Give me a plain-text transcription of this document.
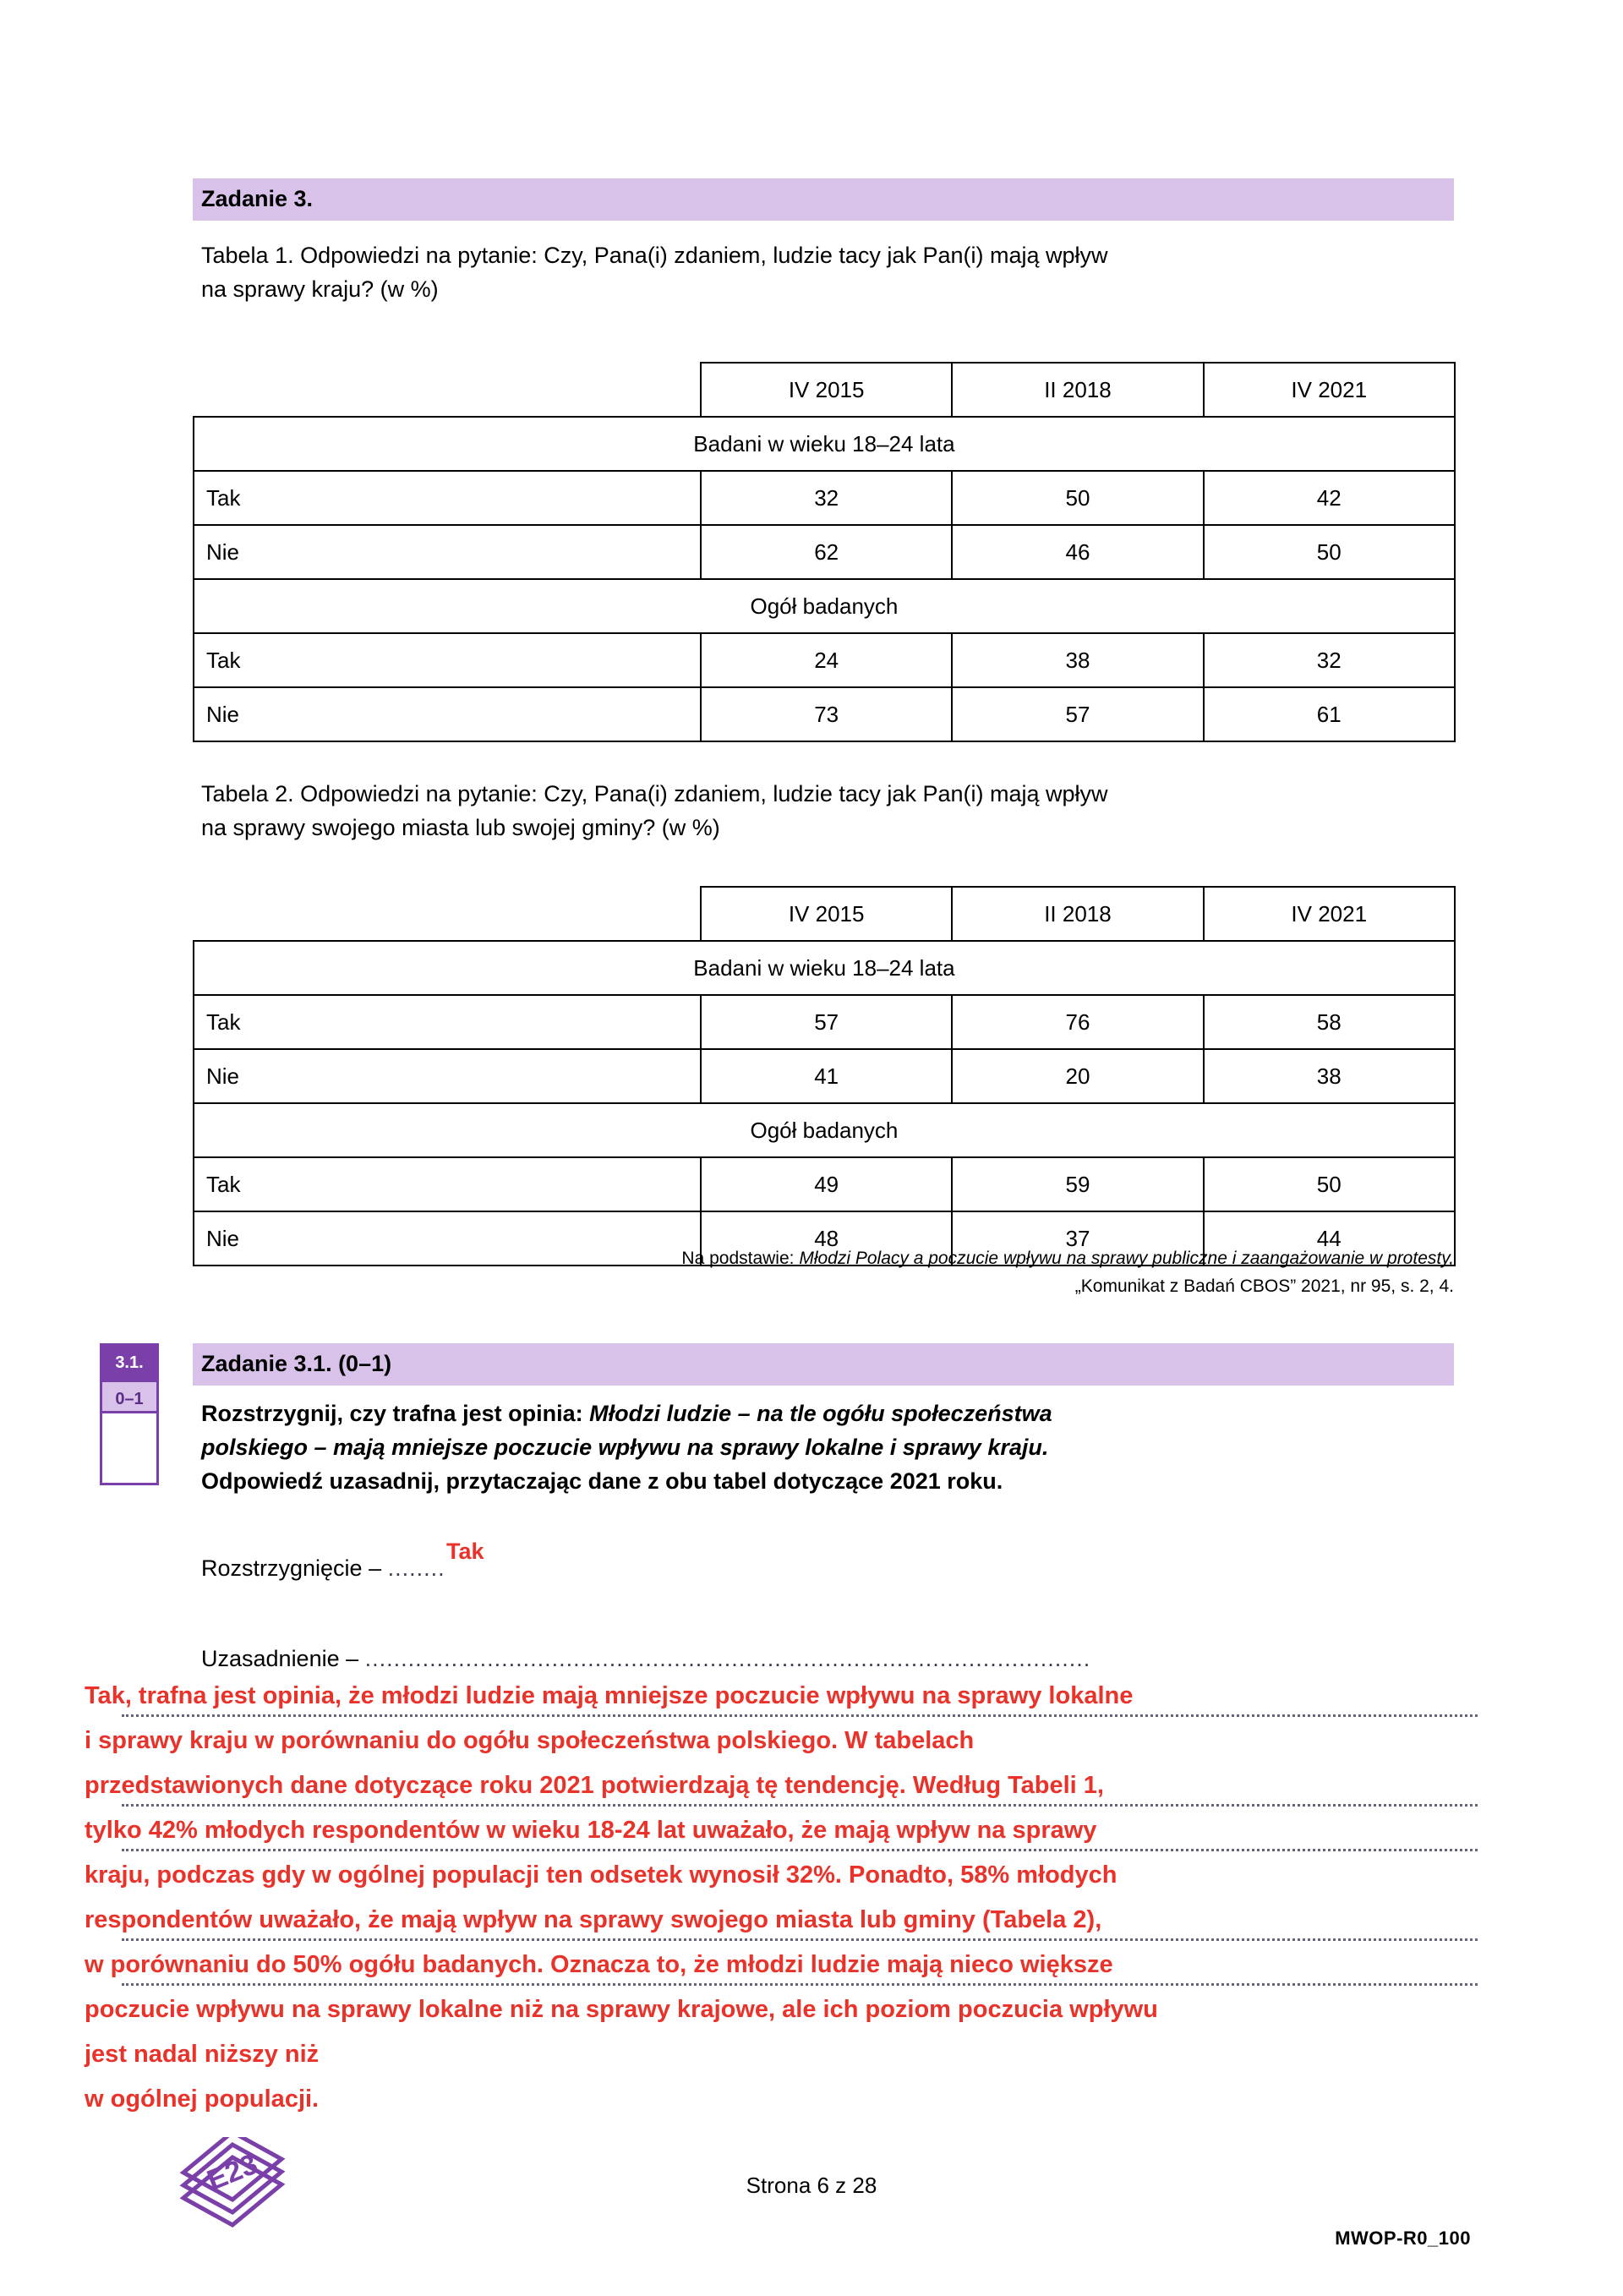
Zadanie 3.
Tabela 1. Odpowiedzi na pytanie: Czy, Pana(i) zdaniem, ludzie tacy jak Pan(i) mają wpływ
na sprawy kraju? (w %)
	IV 2015	II 2018	IV 2021
Badani w wieku 18–24 lata			
Tak	32	50	42
Nie	62	46	50
Ogół badanych			
Tak	24	38	32
Nie	73	57	61
Tabela 2. Odpowiedzi na pytanie: Czy, Pana(i) zdaniem, ludzie tacy jak Pan(i) mają wpływ
na sprawy swojego miasta lub swojej gminy? (w %)
	IV 2015	II 2018	IV 2021
Badani w wieku 18–24 lata			
Tak	57	76	58
Nie	41	20	38
Ogół badanych			
Tak	49	59	50
Nie	48	37	44
Na podstawie: Młodzi Polacy a poczucie wpływu na sprawy publiczne i zaangażowanie w protesty,
„Komunikat z Badań CBOS” 2021, nr 95, s. 2, 4.
3.1.
0–1
Zadanie 3.1. (0–1)
Rozstrzygnij, czy trafna jest opinia: Młodzi ludzie – na tle ogółu społeczeństwa
polskiego – mają mniejsze poczucie wpływu na sprawy lokalne i sprawy kraju.
Odpowiedź uzasadnij, przytaczając dane z obu tabel dotyczące 2021 roku.
Rozstrzygnięcie – ........
Tak
Uzasadnienie – .....................................................................................................
Tak, trafna jest opinia, że młodzi ludzie mają mniejsze poczucie wpływu na sprawy lokalne
i sprawy kraju w porównaniu do ogółu społeczeństwa polskiego. W tabelach
przedstawionych dane dotyczące roku 2021 potwierdzają tę tendencję. Według Tabeli 1,
tylko 42% młodych respondentów w wieku 18-24 lat uważało, że mają wpływ na sprawy
kraju, podczas gdy w ogólnej populacji ten odsetek wynosił 32%. Ponadto, 58% młodych
respondentów uważało, że mają wpływ na sprawy swojego miasta lub gminy (Tabela 2),
w porównaniu do 50% ogółu badanych. Oznacza to, że młodzi ludzie mają nieco większe
poczucie wpływu na sprawy lokalne niż na sprawy krajowe, ale ich poziom poczucia wpływu
jest nadal niższy niż
w ogólnej populacji.
E23	Strona 6 z 28
MWOP-R0_100
